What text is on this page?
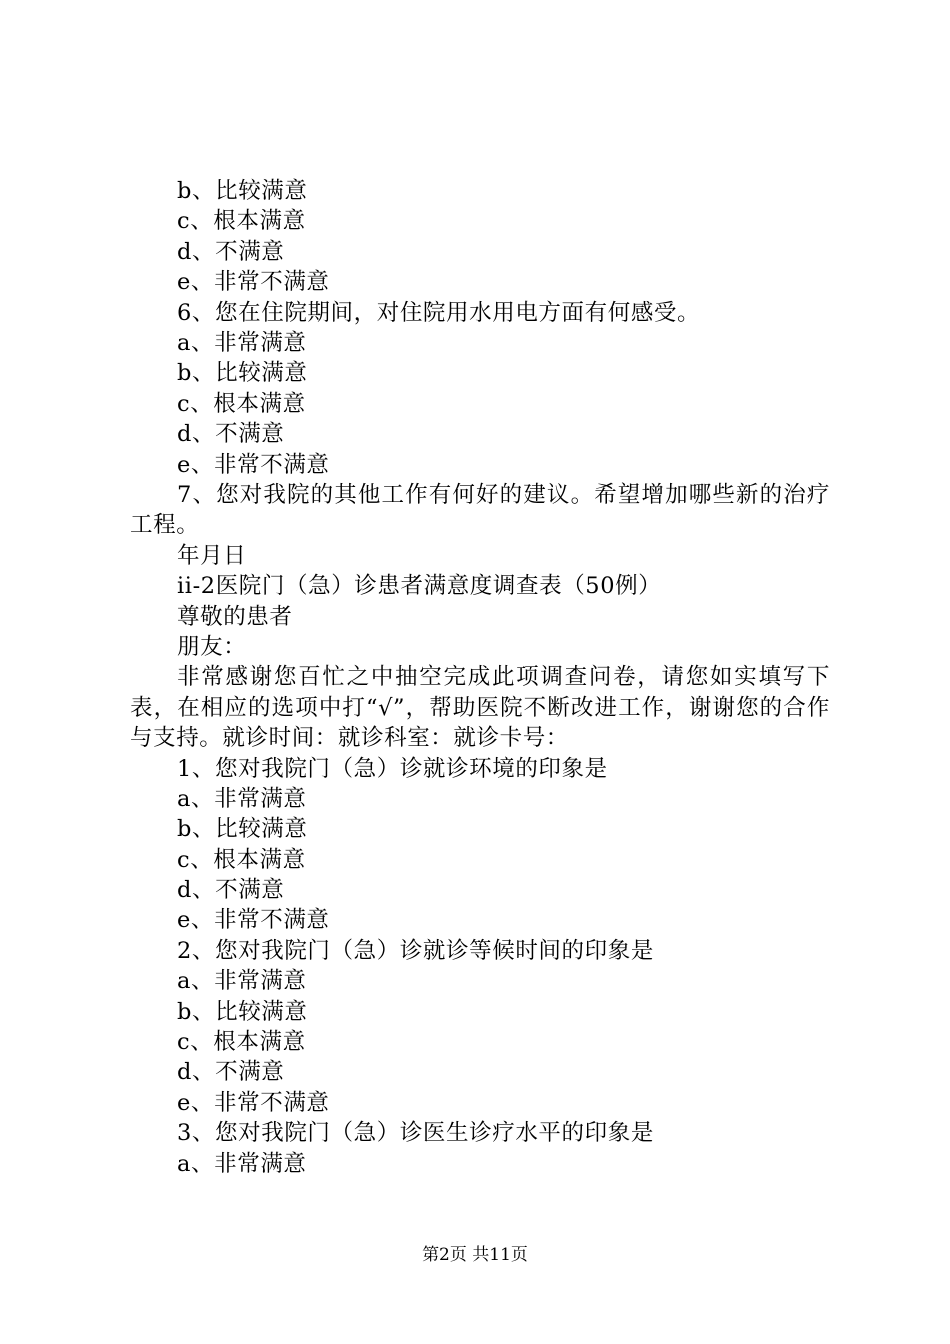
b、比较满意
c、根本满意
d、不满意
e、非常不满意
6、您在住院期间，对住院用水用电方面有何感受。
a、非常满意
b、比较满意
c、根本满意
d、不满意
e、非常不满意
7、您对我院的其他工作有何好的建议。希望增加哪些新的治疗工程。
年月日
ii-2医院门（急）诊患者满意度调查表（50例）
尊敬的患者
朋友：
非常感谢您百忙之中抽空完成此项调查问卷，请您如实填写下表，在相应的选项中打“√”，帮助医院不断改进工作，谢谢您的合作与支持。就诊时间：就诊科室：就诊卡号：
1、您对我院门（急）诊就诊环境的印象是
a、非常满意
b、比较满意
c、根本满意
d、不满意
e、非常不满意
2、您对我院门（急）诊就诊等候时间的印象是
a、非常满意
b、比较满意
c、根本满意
d、不满意
e、非常不满意
3、您对我院门（急）诊医生诊疗水平的印象是
a、非常满意
第2页 共11页
